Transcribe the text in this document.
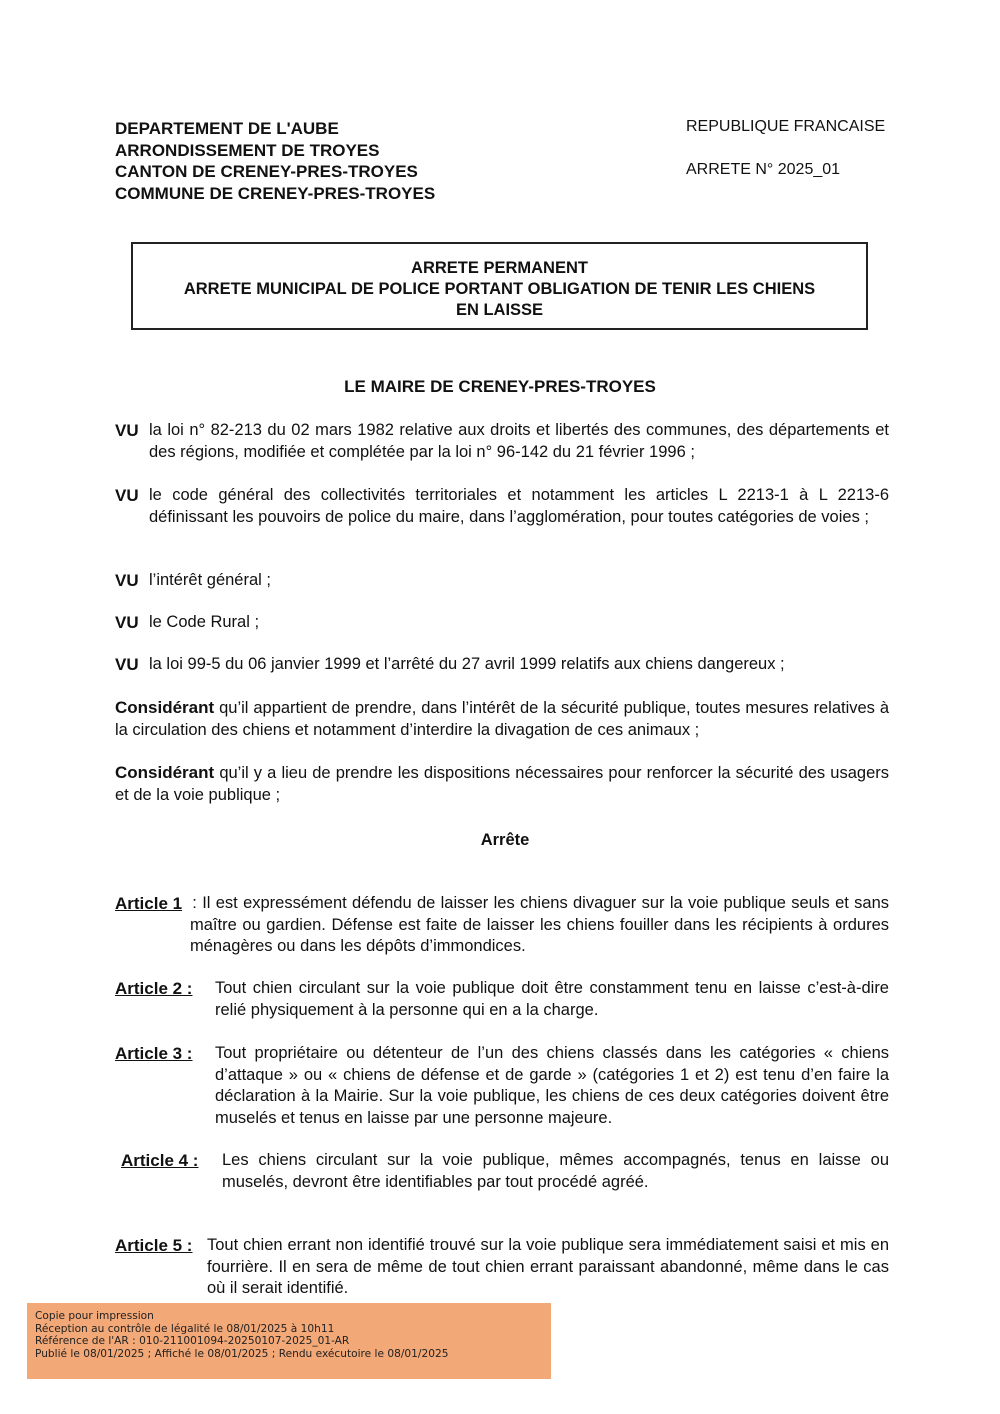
DEPARTEMENT DE L'AUBE
ARRONDISSEMENT DE TROYES
CANTON DE CRENEY-PRES-TROYES
COMMUNE DE CRENEY-PRES-TROYES
REPUBLIQUE FRANCAISE
ARRETE N° 2025_01
ARRETE PERMANENT
ARRETE MUNICIPAL DE POLICE PORTANT OBLIGATION DE TENIR LES CHIENS
EN LAISSE
LE MAIRE DE CRENEY-PRES-TROYES
VU la loi n° 82-213 du 02 mars 1982 relative aux droits et libertés des communes, des départements et des régions, modifiée et complétée par la loi n° 96-142 du 21 février 1996 ;
VU le code général des collectivités territoriales et notamment les articles L 2213-1 à L 2213-6 définissant les pouvoirs de police du maire, dans l’agglomération, pour toutes catégories de voies ;
VU l’intérêt général ;
VU le Code Rural ;
VU la loi 99-5 du 06 janvier 1999 et l’arrêté du 27 avril 1999 relatifs aux chiens dangereux ;
Considérant qu’il appartient de prendre, dans l’intérêt de la sécurité publique, toutes mesures relatives à la circulation des chiens et notamment d’interdire la divagation de ces animaux ;
Considérant qu’il y a lieu de prendre les dispositions nécessaires pour renforcer la sécurité des usagers et de la voie publique ;
Arrête
Article 1 : Il est expressément défendu de laisser les chiens divaguer sur la voie publique seuls et sans maître ou gardien. Défense est faite de laisser les chiens fouiller dans les récipients à ordures ménagères ou dans les dépôts d’immondices.
Article 2 : Tout chien circulant sur la voie publique doit être constamment tenu en laisse c’est-à-dire relié physiquement à la personne qui en a la charge.
Article 3 : Tout propriétaire ou détenteur de l’un des chiens classés dans les catégories « chiens d’attaque » ou « chiens de défense et de garde » (catégories 1 et 2) est tenu d’en faire la déclaration à la Mairie. Sur la voie publique, les chiens de ces deux catégories doivent être muselés et tenus en laisse par une personne majeure.
Article 4 : Les chiens circulant sur la voie publique, mêmes accompagnés, tenus en laisse ou muselés, devront être identifiables par tout procédé agréé.
Article 5 : Tout chien errant non identifié trouvé sur la voie publique sera immédiatement saisi et mis en fourrière. Il en sera de même de tout chien errant paraissant abandonné, même dans le cas où il serait identifié.
Copie pour impression
Réception au contrôle de légalité le 08/01/2025 à 10h11
Référence de l'AR : 010-211001094-20250107-2025_01-AR
Publié le 08/01/2025 ; Affiché le 08/01/2025 ; Rendu exécutoire le 08/01/2025
